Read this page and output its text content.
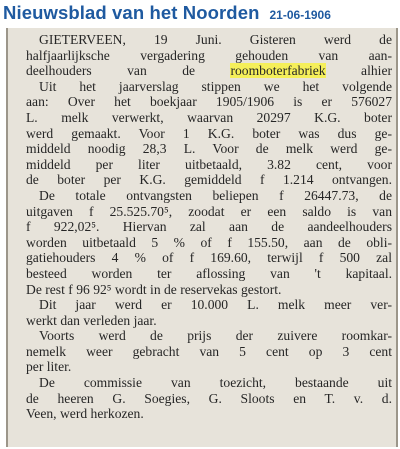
Nieuwsblad van het Noorden 21-06-1906
GIETERVEEN, 19 Juni. Gisteren werd de
halfjaarlijksche vergadering gehouden van aan-
deelhouders van de roomboterfabriek alhier
Uit het jaarverslag stippen we het volgende
aan: Over het boekjaar 1905/1906 is er 576027
L. melk verwerkt, waarvan 20297 K.G. boter
werd gemaakt. Voor 1 K.G. boter was dus ge-
middeld noodig 28,3 L. Voor de melk werd ge-
middeld per liter uitbetaald, 3.82 cent, voor
de boter per K.G. gemiddeld f 1.214 ontvangen.
De totale ontvangsten beliepen f 26447.73, de
uitgaven f 25.525.70⁵, zoodat er een saldo is van
f 922,02⁵. Hiervan zal aan de aandeelhouders
worden uitbetaald 5 % of f 155.50, aan de obli-
gatiehouders 4 % of f 169.60, terwijl f 500 zal
besteed worden ter aflossing van 't kapitaal.
De rest f 96 92⁵ wordt in de reservekas gestort.
Dit jaar werd er 10.000 L. melk meer ver-
werkt dan verleden jaar.
Voorts werd de prijs der zuivere roomkar-
nemelk weer gebracht van 5 cent op 3 cent
per liter.
De commissie van toezicht, bestaande uit
de heeren G. Soegies, G. Sloots en T. v. d.
Veen, werd herkozen.
